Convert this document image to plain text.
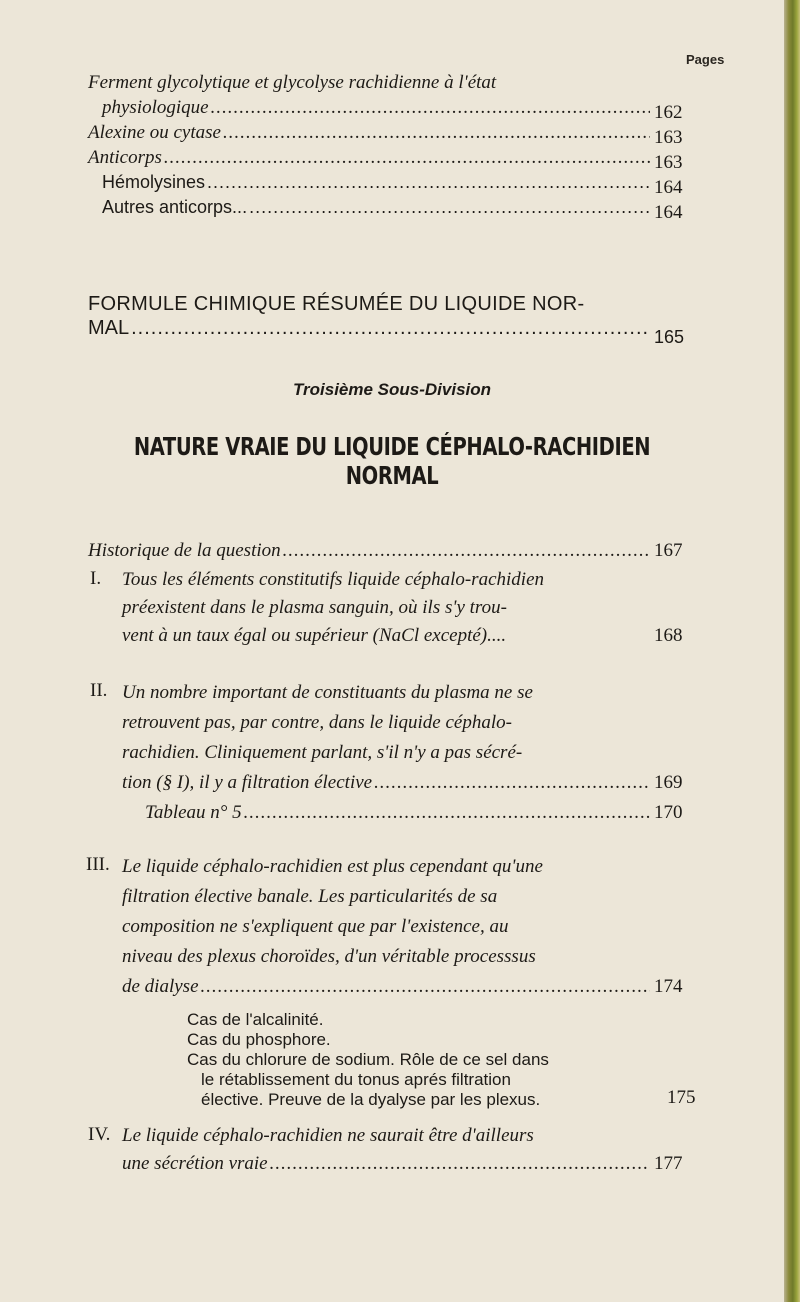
Pages
Ferment glycolytique et glycolyse rachidienne à l'état
physiologique .....	162
Alexine ou cytase .....	163
Anticorps .....	163
Hémolysines .....	164
Autres anticorps... .....	164
FORMULE CHIMIQUE RÉSUMÉE DU LIQUIDE NOR-
MAL .....	165
Troisième Sous-Division
NATURE VRAIE DU LIQUIDE CÉPHALO-RACHIDIEN NORMAL
Historique de la question .....	167
I. Tous les éléments constitutifs liquide céphalo-rachidien
préexistent dans le plasma sanguin, où ils s'y trou-
vent à un taux égal ou supérieur (NaCl excepté)....	168
II. Un nombre important de constituants du plasma ne se
retrouvent pas, par contre, dans le liquide céphalo-
rachidien. Cliniquement parlant, s'il n'y a pas sécré-
tion (§ I), il y a filtration élective .....	169
Tableau n° 5 .....	170
III. Le liquide céphalo-rachidien est plus cependant qu'une
filtration élective banale. Les particularités de sa
composition ne s'expliquent que par l'existence, au
niveau des plexus choroïdes, d'un véritable processsus
de dialyse .....	174
Cas de l'alcalinité.
Cas du phosphore.
Cas du chlorure de sodium. Rôle de ce sel dans
le rétablissement du tonus aprés filtration
élective. Preuve de la dyalyse par les plexus.	175
IV. Le liquide céphalo-rachidien ne saurait être d'ailleurs
une sécrétion vraie .....	177
